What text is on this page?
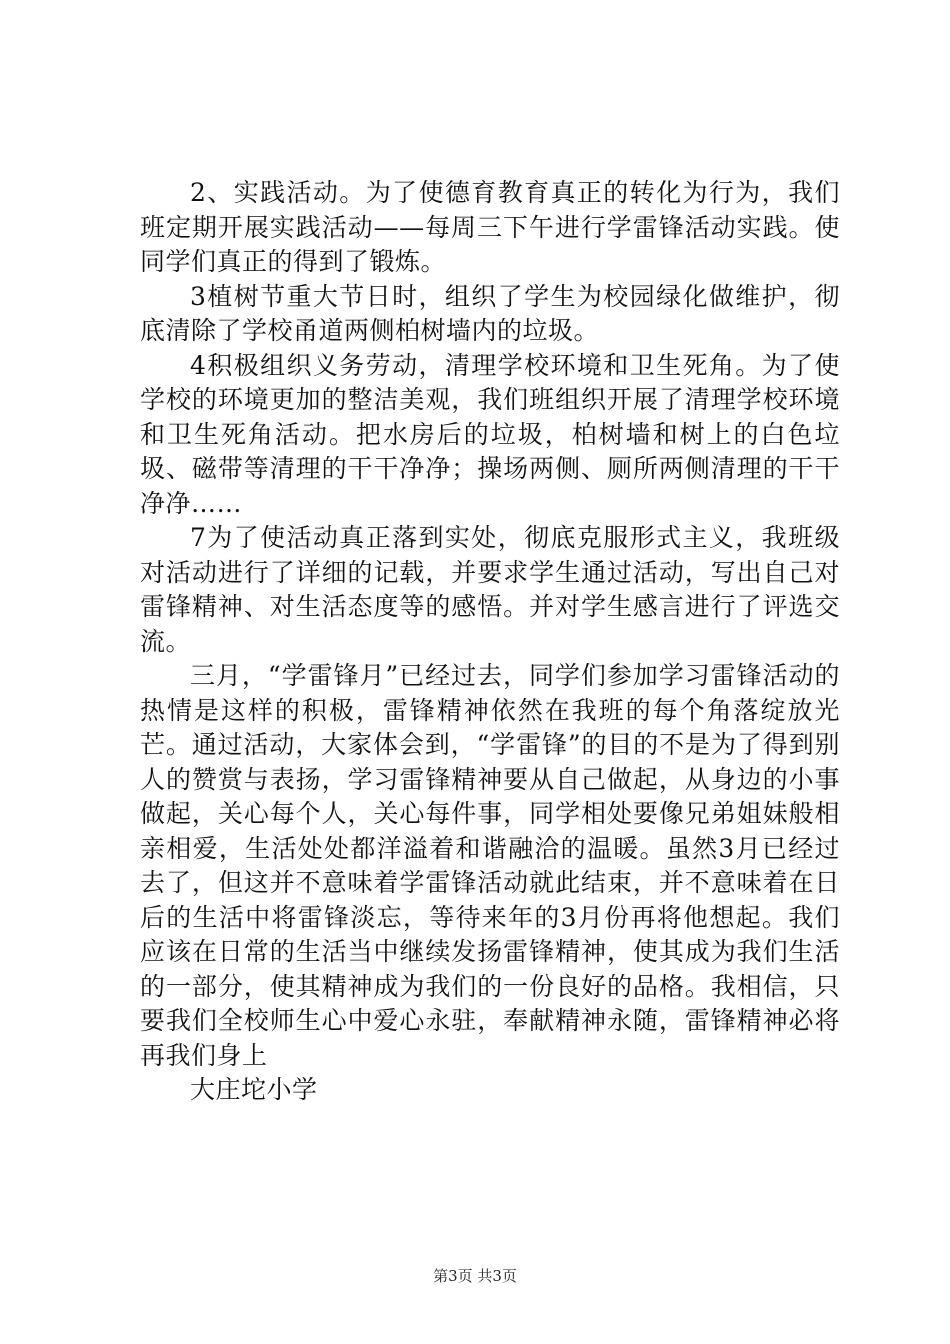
2、实践活动。为了使德育教育真正的转化为行为，我们班定期开展实践活动——每周三下午进行学雷锋活动实践。使同学们真正的得到了锻炼。

3植树节重大节日时，组织了学生为校园绿化做维护，彻底清除了学校甬道两侧柏树墙内的垃圾。

4积极组织义务劳动，清理学校环境和卫生死角。为了使学校的环境更加的整洁美观，我们班组织开展了清理学校环境和卫生死角活动。把水房后的垃圾，柏树墙和树上的白色垃圾、磁带等清理的干干净净；操场两侧、厕所两侧清理的干干净净……

7为了使活动真正落到实处，彻底克服形式主义，我班级对活动进行了详细的记载，并要求学生通过活动，写出自己对雷锋精神、对生活态度等的感悟。并对学生感言进行了评选交流。

三月，“学雷锋月”已经过去，同学们参加学习雷锋活动的热情是这样的积极，雷锋精神依然在我班的每个角落绽放光芒。通过活动，大家体会到，“学雷锋”的目的不是为了得到别人的赞赏与表扬，学习雷锋精神要从自己做起，从身边的小事做起，关心每个人，关心每件事，同学相处要像兄弟姐妹般相亲相爱，生活处处都洋溢着和谐融洽的温暖。虽然3月已经过去了，但这并不意味着学雷锋活动就此结束，并不意味着在日后的生活中将雷锋淡忘，等待来年的3月份再将他想起。我们应该在日常的生活当中继续发扬雷锋精神，使其成为我们生活的一部分，使其精神成为我们的一份良好的品格。我相信，只要我们全校师生心中爱心永驻，奉献精神永随，雷锋精神必将再我们身上

大庄坨小学

第3页 共3页
